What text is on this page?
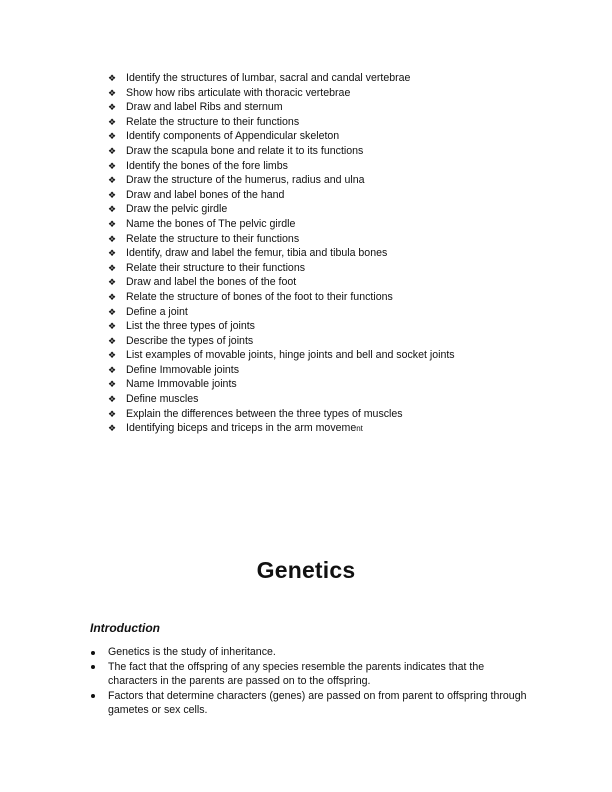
❖ Identify the structures of lumbar, sacral and candal vertebrae
❖ Show how ribs articulate with thoracic vertebrae
❖ Draw and label Ribs and sternum
❖ Relate the structure to their functions
❖ Identify components of Appendicular skeleton
❖ Draw the scapula bone and relate it to its functions
❖ Identify the bones of the fore limbs
❖ Draw the structure of the humerus, radius and ulna
❖ Draw and label bones of the hand
❖ Draw the pelvic girdle
❖ Name the bones of The pelvic girdle
❖ Relate the structure to their functions
❖ Identify, draw and label the femur, tibia and tibula bones
❖ Relate their structure to their functions
❖ Draw and label the bones of the foot
❖ Relate the structure of bones of the foot to their functions
❖ Define a joint
❖ List the three types of joints
❖ Describe the types of joints
❖ List examples of movable joints, hinge joints and bell and socket joints
❖ Define Immovable joints
❖ Name Immovable joints
❖ Define muscles
❖ Explain the differences between the three types of muscles
❖ Identifying biceps and triceps in the arm movement
Genetics
Introduction
Genetics is the study of inheritance.
The fact that the offspring of any species resemble the parents indicates that the characters in the parents are passed on to the offspring.
Factors that determine characters (genes) are passed on from parent to offspring through gametes or sex cells.
